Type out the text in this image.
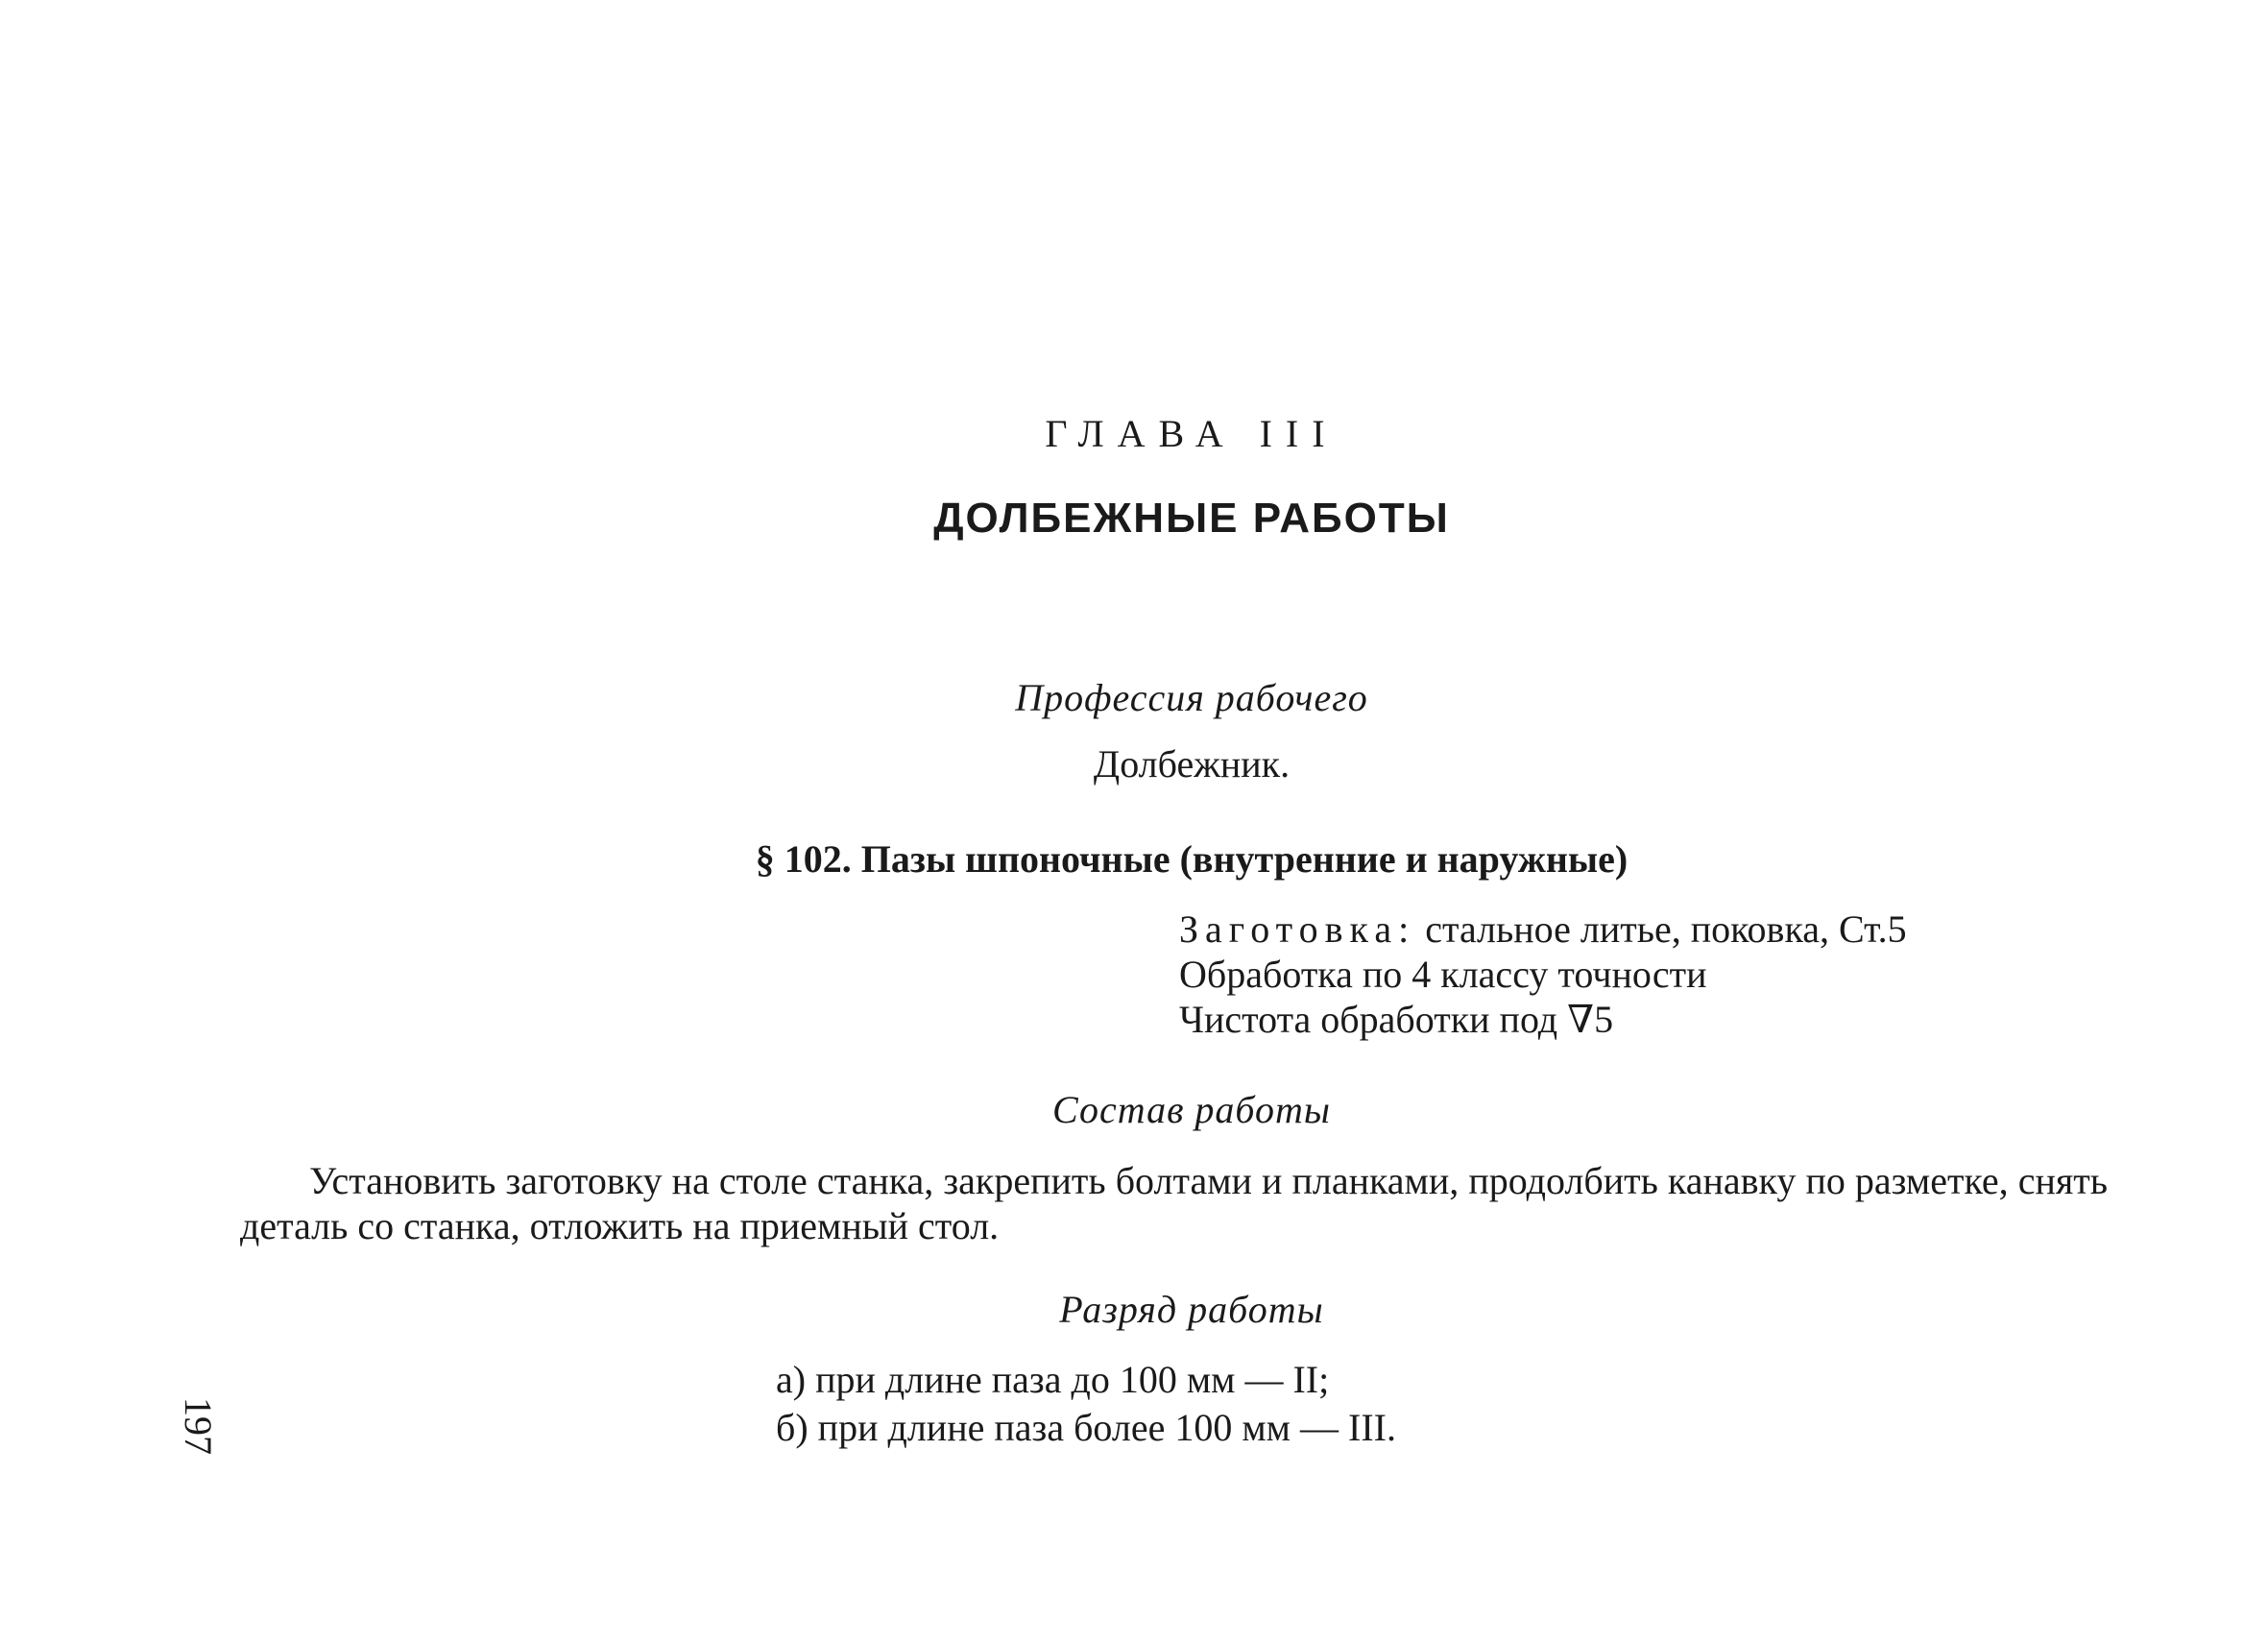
ГЛАВА III
ДОЛБЕЖНЫЕ РАБОТЫ
Профессия рабочего
Долбежник.
§ 102. Пазы шпоночные (внутренние и наружные)
Заготовка: стальное литье, поковка, Ст.5
Обработка по 4 классу точности
Чистота обработки под ∇5
Состав работы
Установить заготовку на столе станка, закрепить болтами и планками, продолбить канавку по разметке, снять деталь со станка, отложить на приемный стол.
Разряд работы
а) при длине паза до 100 мм — II;
б) при длине паза более 100 мм — III.
197
